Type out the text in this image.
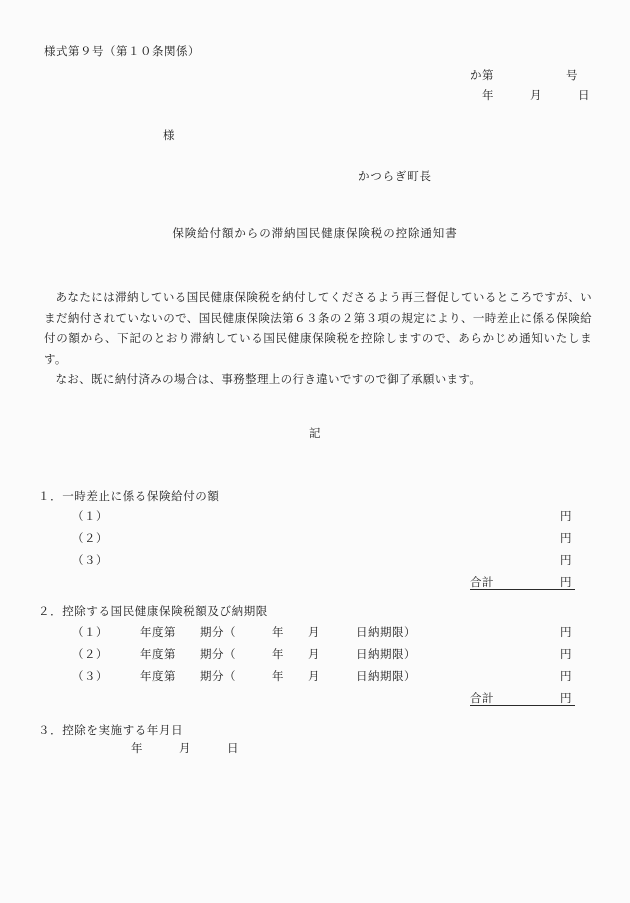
様式第９号（第１０条関係）
か第　　　　　　号
年　　　月　　　日
様
かつらぎ町長
保険給付額からの滞納国民健康保険税の控除通知書

あなたには滞納している国民健康保険税を納付してくださるよう再三督促しているところですが、いまだ納付されていないので、国民健康保険法第６３条の２第３項の規定により、一時差止に係る保険給付の額から、下記のとおり滞納している国民健康保険税を控除しますので、あらかじめ通知いたします。

なお、既に納付済みの場合は、事務整理上の行き違いですので御了承願います。

記
１．一時差止に係る保険給付の額
（１）	円
（２）	円
（３）	円
合計	円
２．控除する国民健康保険税額及び納期限
（１）	年度第　　期分（　　　年　　月　　　日納期限）	円
（２）	年度第　　期分（　　　年　　月　　　日納期限）	円
（３）	年度第　　期分（　　　年　　月　　　日納期限）	円
合計	円
３．控除を実施する年月日
年　　　月　　　日
